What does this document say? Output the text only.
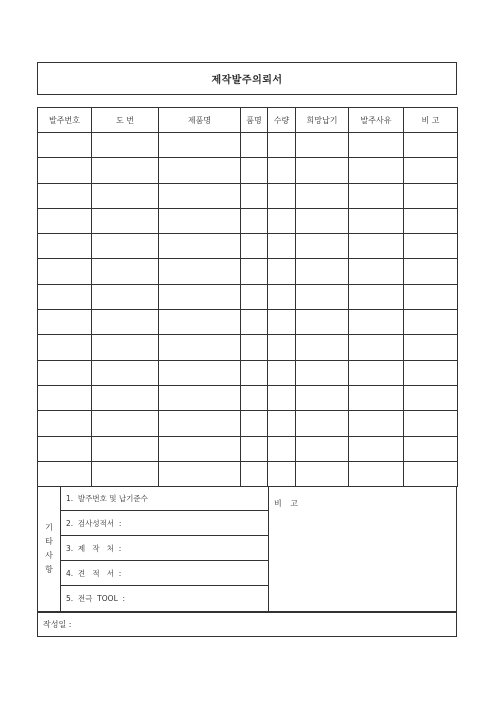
제작발주의뢰서
발주번호	도 번	제품명	품명	수량	희망납기	발주사유	비 고

기
타
사
항
1.  발주번호 및 납기준수
2.  검사성적서  :
3.  제   작   처  :
4.  견   적   서  :
5.  전극  TOOL  :
비 고
작성일 :
